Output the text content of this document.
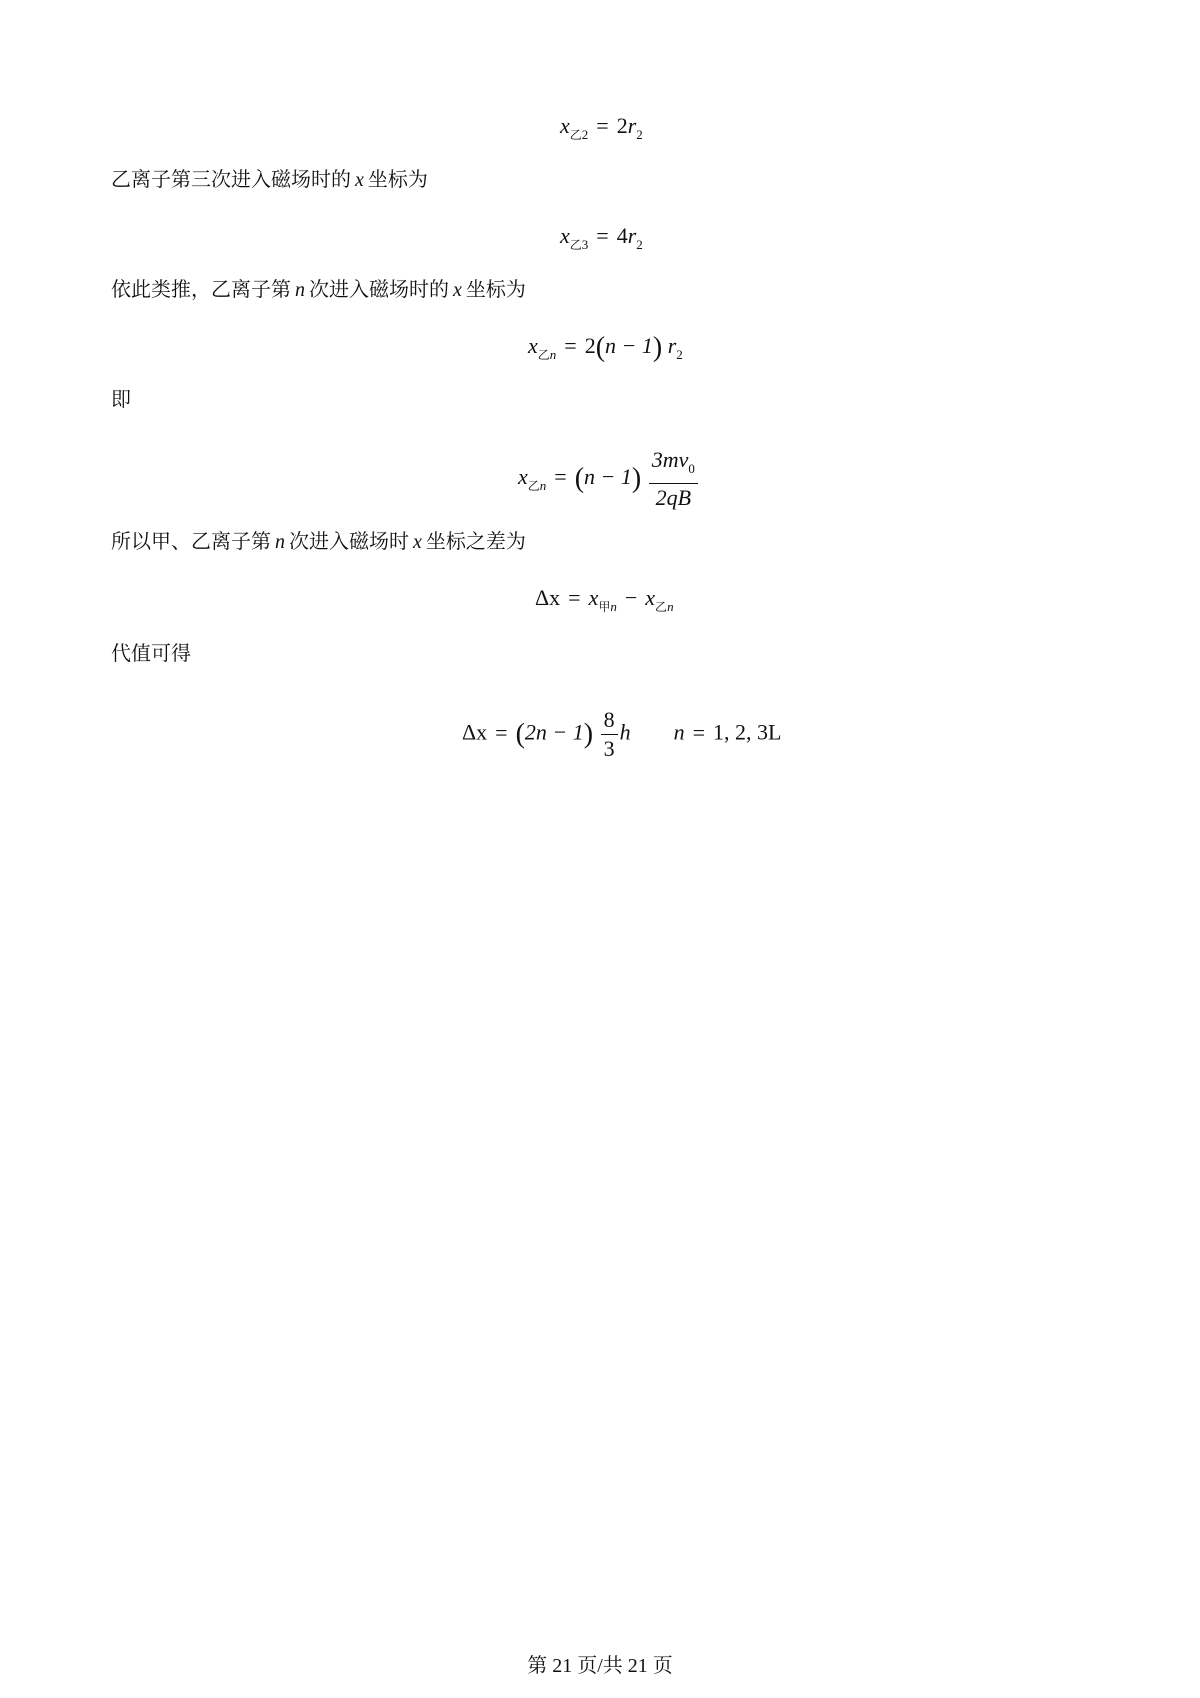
$x_{乙2} = 2r_2$
乙离子第三次进入磁场时的 x 坐标为
$x_{乙3} = 4r_2$
依此类推，乙离子第 n 次进入磁场时的 x 坐标为
$x_{乙n} = 2(n - 1)$ $r_2$
即
$x_{乙n} = (n - 1) \frac{3mv_0}{2qB}$
所以甲、乙离子第 n 次进入磁场时 x 坐标之差为
$\Delta x = x_{甲n} - x_{乙n}$
代值可得
$\Delta x = (2n - 1) \frac{8}{3}$ h n = 1, 2, 3L
第 21 页/共 21 页
